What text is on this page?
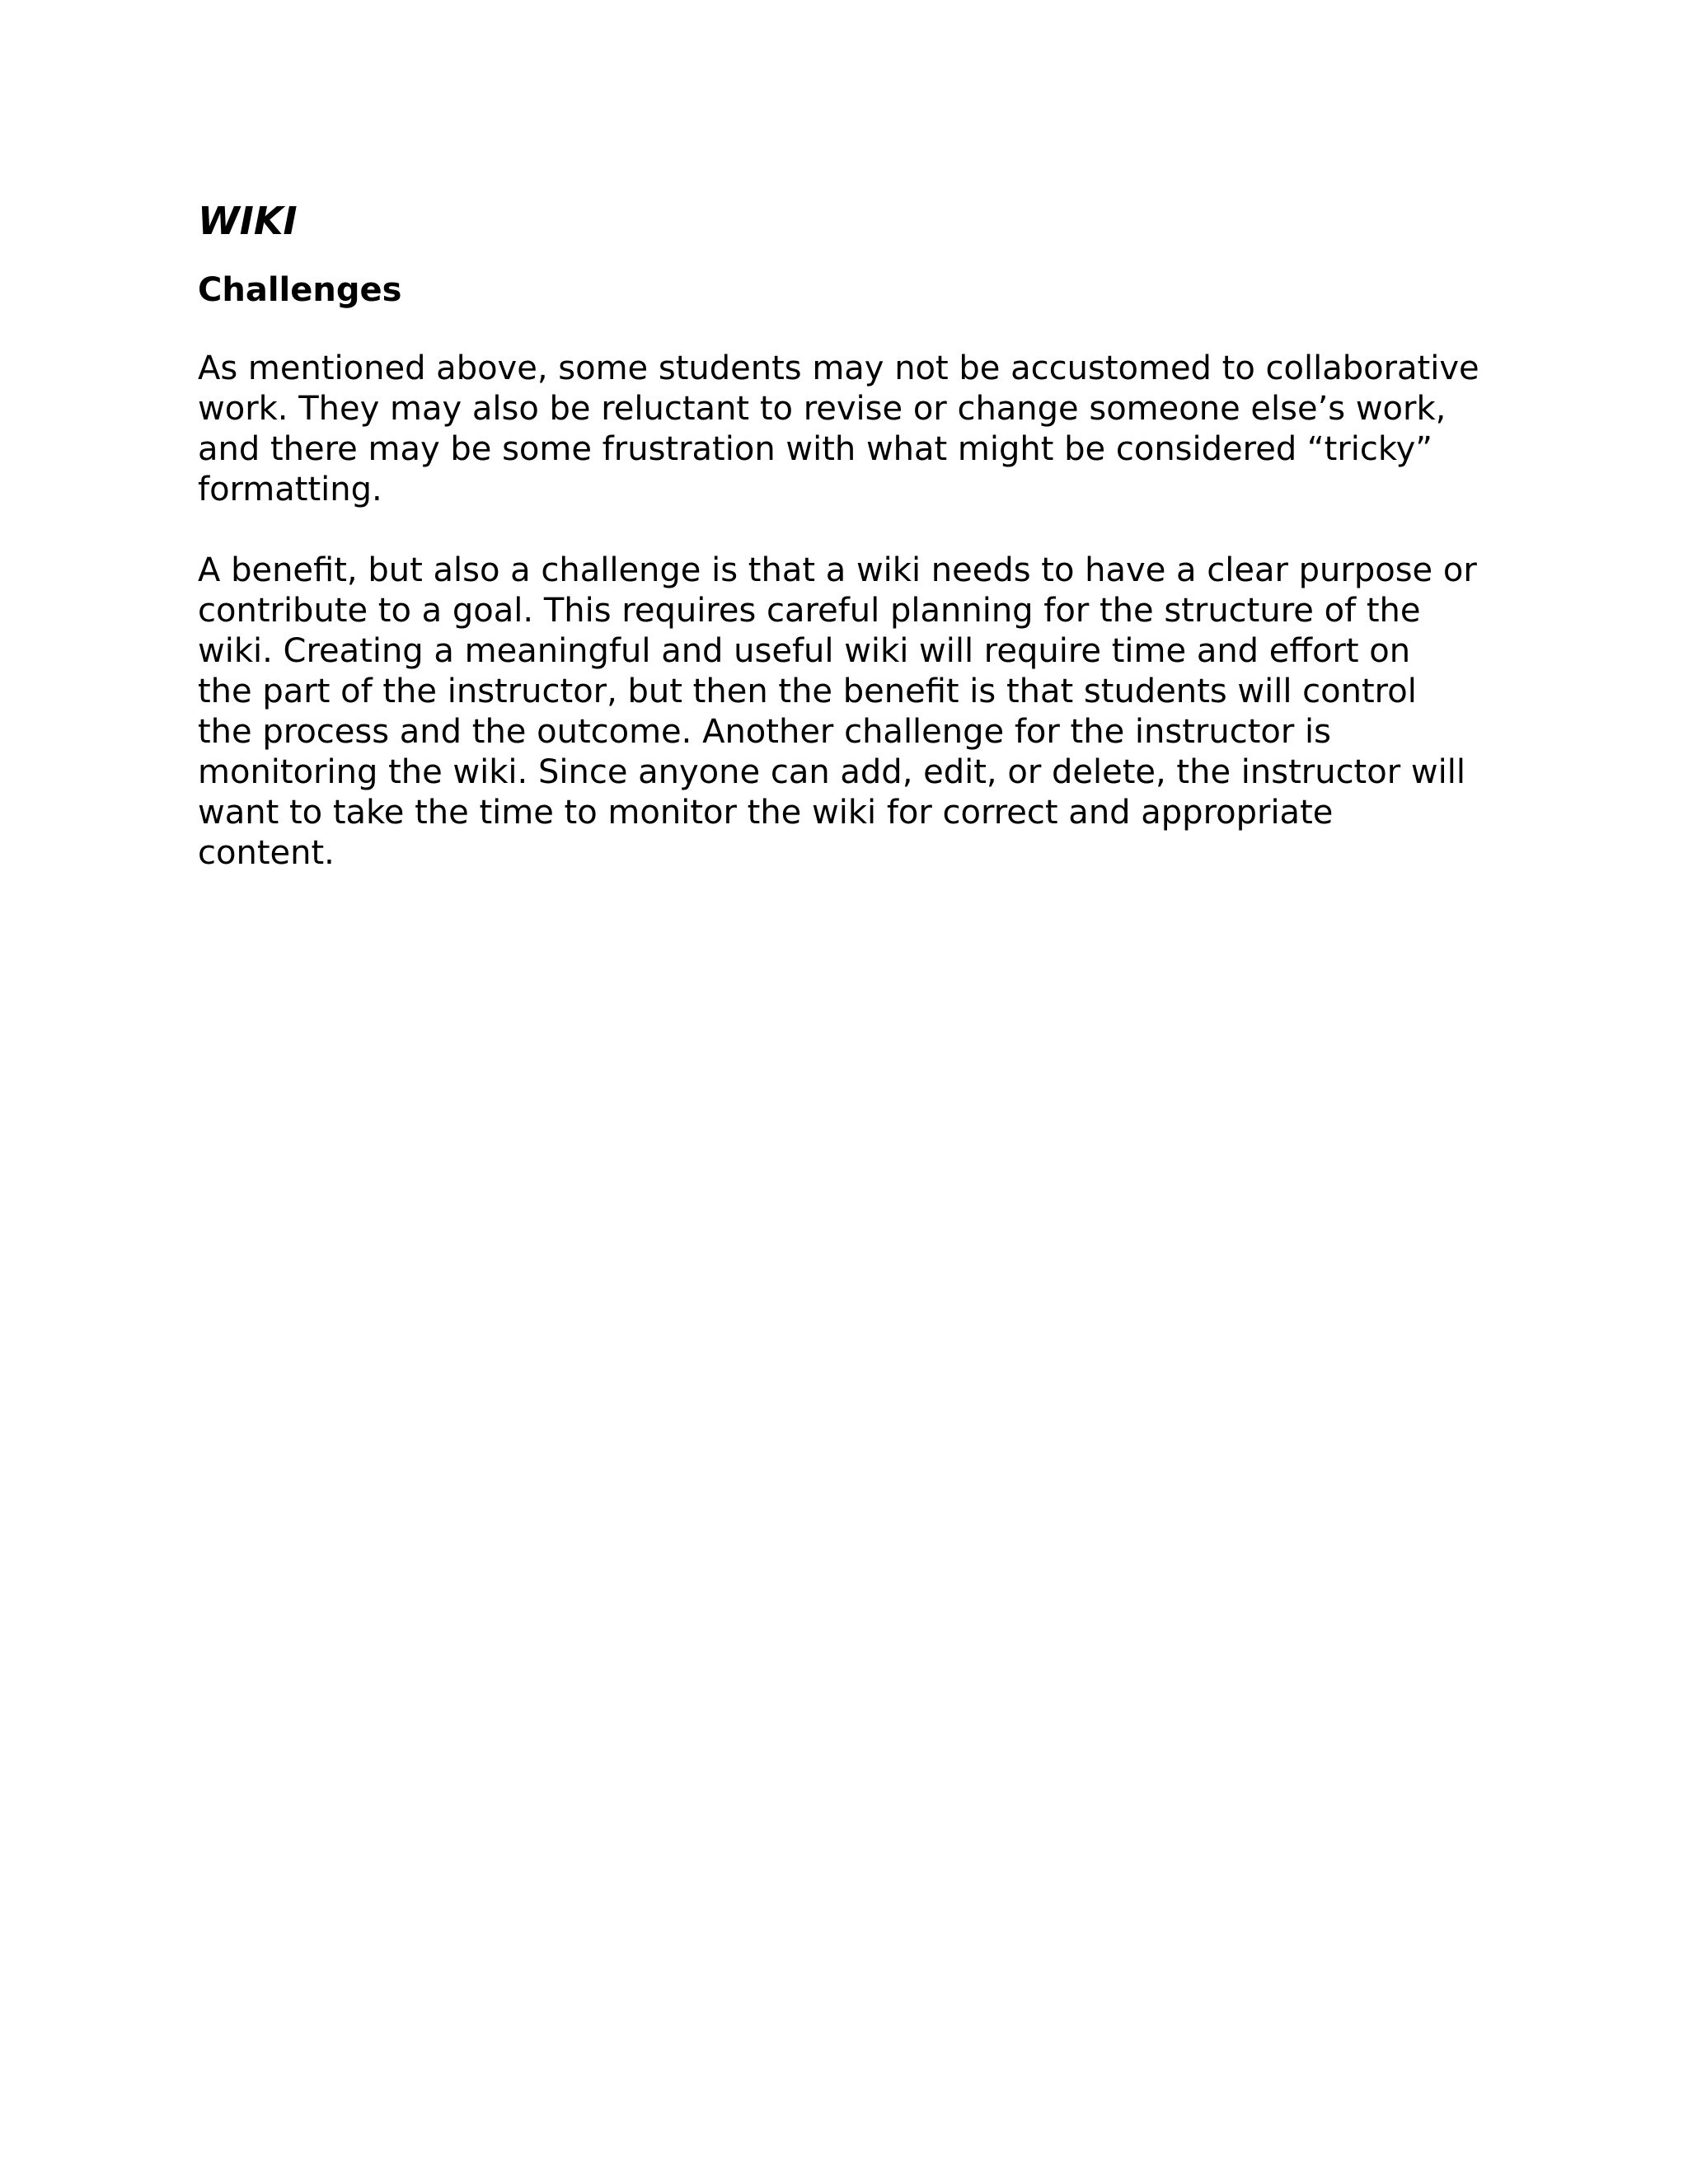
WIKI
Challenges

As mentioned above, some students may not be accustomed to collaborative
work. They may also be reluctant to revise or change someone else’s work,
and there may be some frustration with what might be considered “tricky”
formatting.

A benefit, but also a challenge is that a wiki needs to have a clear purpose or
contribute to a goal. This requires careful planning for the structure of the
wiki. Creating a meaningful and useful wiki will require time and effort on
the part of the instructor, but then the benefit is that students will control
the process and the outcome. Another challenge for the instructor is
monitoring the wiki. Since anyone can add, edit, or delete, the instructor will
want to take the time to monitor the wiki for correct and appropriate
content.
